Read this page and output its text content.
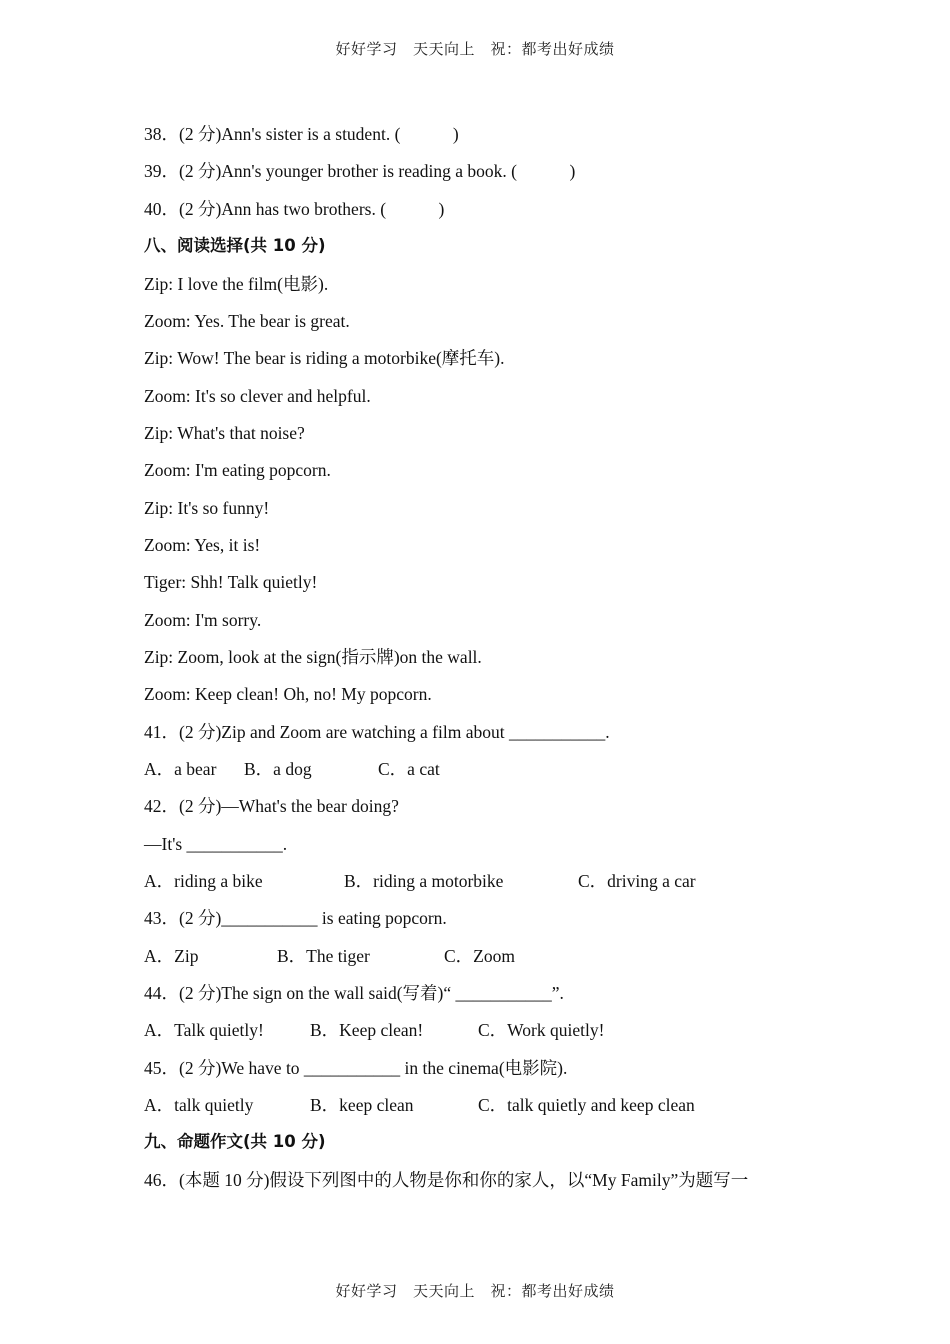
好好学习　天天向上　祝：都考出好成绩
38．(2 分)Ann's sister is a student. (　　　)
39．(2 分)Ann's younger brother is reading a book. (　　　)
40．(2 分)Ann has two brothers. (　　　)
八、阅读选择(共 10 分)
Zip: I love the film(电影).
Zoom: Yes. The bear is great.
Zip: Wow! The bear is riding a motorbike(摩托车).
Zoom: It's so clever and helpful.
Zip: What's that noise?
Zoom: I'm eating popcorn.
Zip: It's so funny!
Zoom: Yes, it is!
Tiger: Shh! Talk quietly!
Zoom: I'm sorry.
Zip: Zoom, look at the sign(指示牌)on the wall.
Zoom: Keep clean! Oh, no! My popcorn.
41．(2 分)Zip and Zoom are watching a film about ___________.
A．a bear B．a dog	C．a cat
42．(2 分)—What's the bear doing?
—It's ___________.
A．riding a bike	B．riding a motorbike	C．driving a car
43．(2 分)___________ is eating popcorn.
A．Zip	B．The tiger	C．Zoom
44．(2 分)The sign on the wall said(写着)“ ___________”.
A．Talk quietly!	B．Keep clean!	C．Work quietly!
45．(2 分)We have to ___________ in the cinema(电影院).
A．talk quietly	B．keep clean	C．talk quietly and keep clean
九、命题作文(共 10 分)
46．(本题 10 分)假设下列图中的人物是你和你的家人，以“My Family”为题写一
好好学习　天天向上　祝：都考出好成绩
